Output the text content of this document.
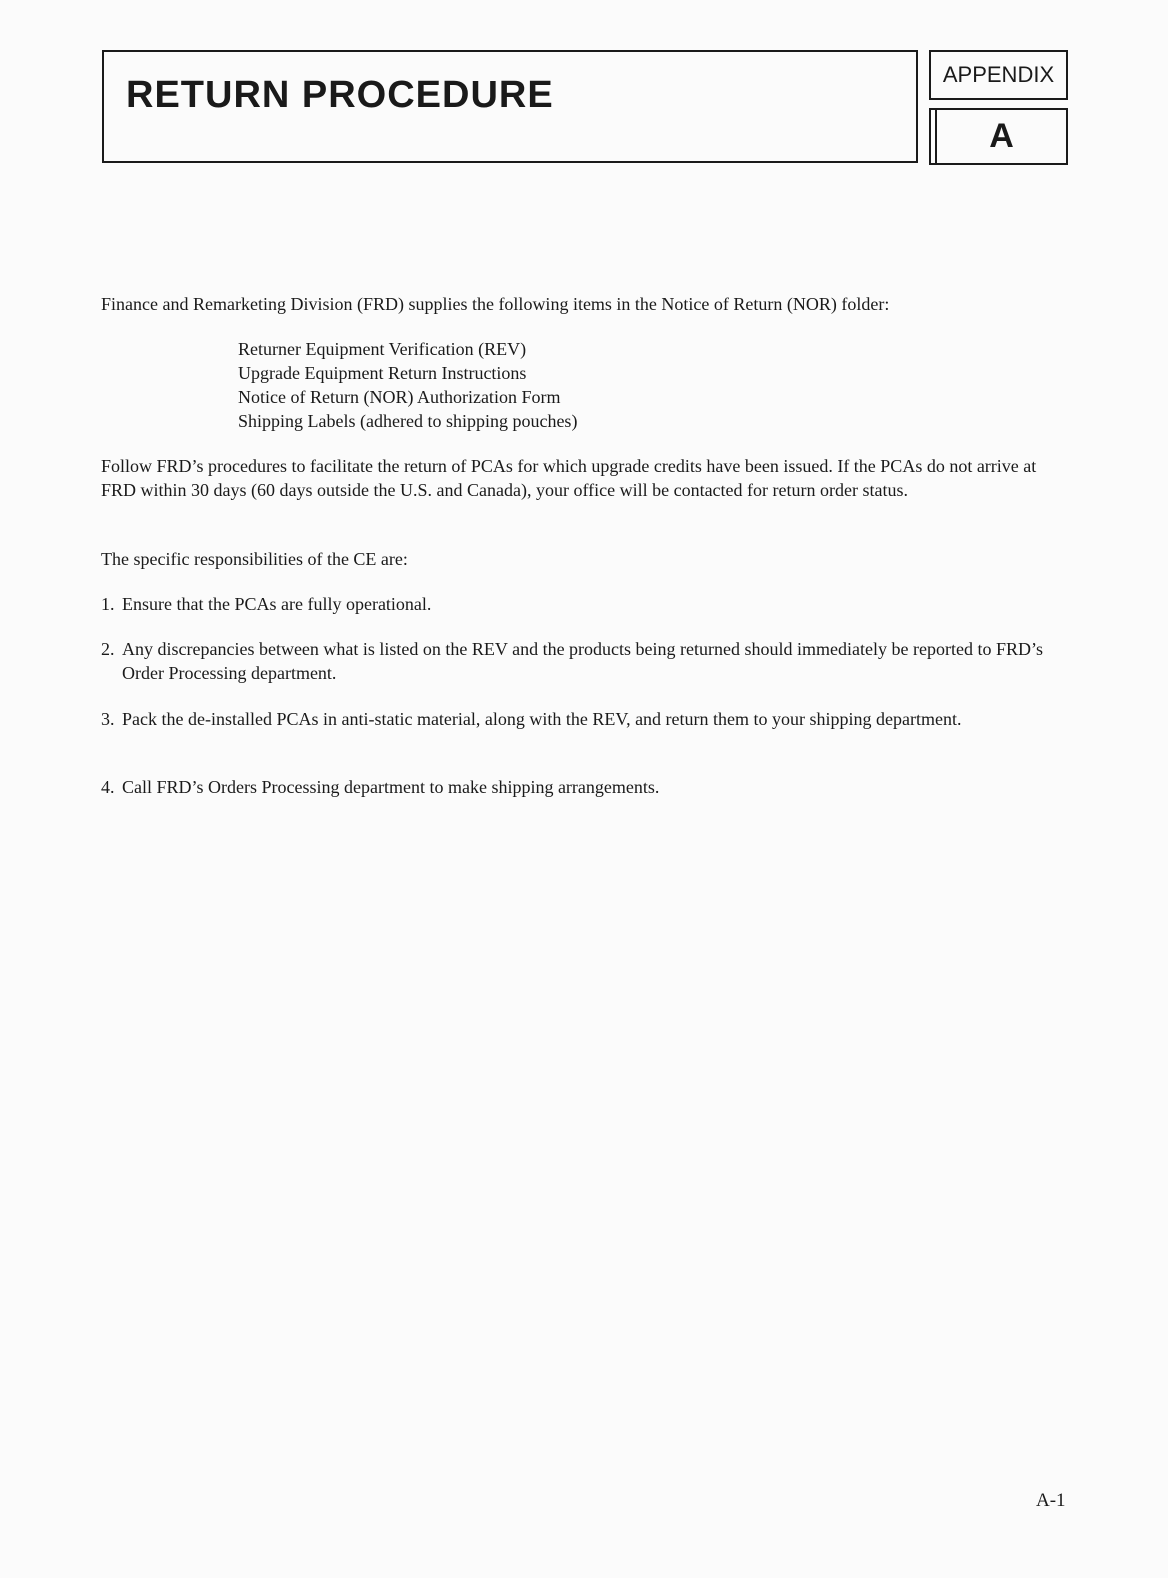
RETURN PROCEDURE	APPENDIX
A

Finance and Remarketing Division (FRD) supplies the following items in the Notice of Return (NOR) folder:

Returner Equipment Verification (REV)
Upgrade Equipment Return Instructions
Notice of Return (NOR) Authorization Form
Shipping Labels (adhered to shipping pouches)

Follow FRD’s procedures to facilitate the return of PCAs for which upgrade credits have been issued. If the PCAs do not arrive at FRD within 30 days (60 days outside the U.S. and Canada), your office will be contacted for return order status.

The specific responsibilities of the CE are:

1. Ensure that the PCAs are fully operational.
2. Any discrepancies between what is listed on the REV and the products being returned should immediately be reported to FRD’s Order Processing department.
3. Pack the de-installed PCAs in anti-static material, along with the REV, and return them to your shipping department.
4. Call FRD’s Orders Processing department to make shipping arrangements.
A-1
